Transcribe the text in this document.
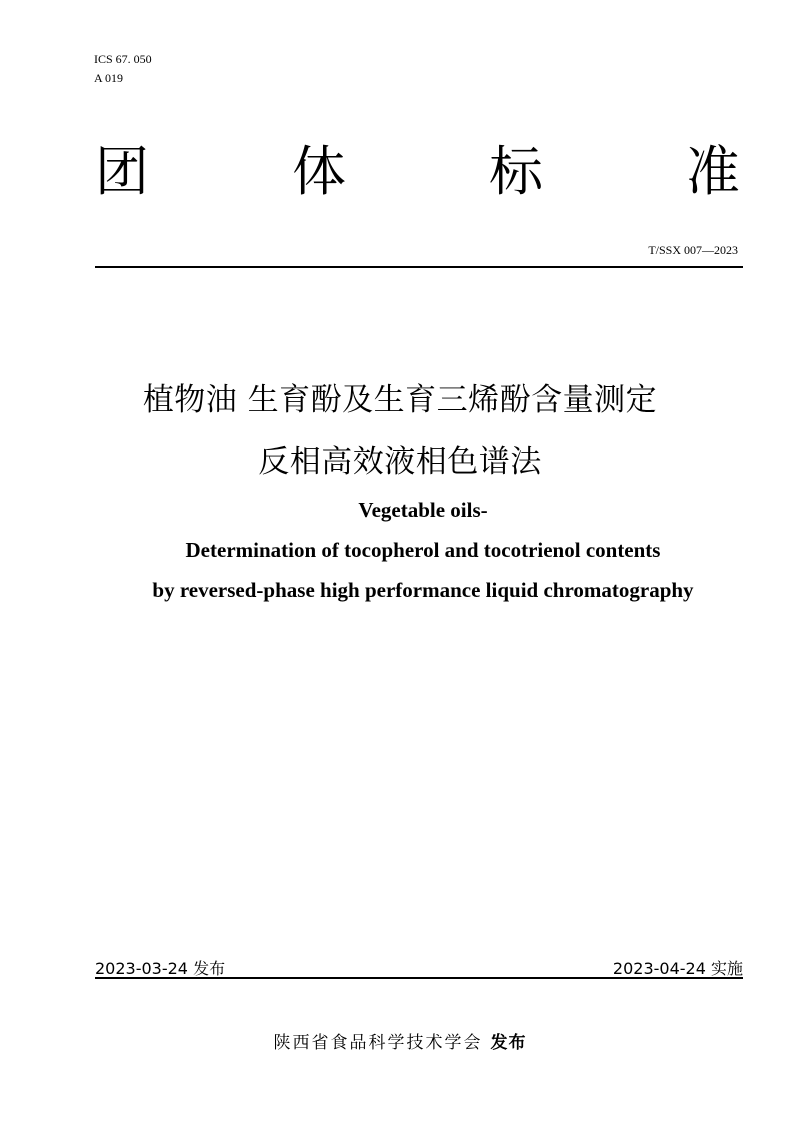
ICS 67. 050
A 019
团	体	标	准
T/SSX 007—2023
植物油 生育酚及生育三烯酚含量测定
反相高效液相色谱法
Vegetable oils-
Determination of tocopherol and tocotrienol contents
by reversed-phase high performance liquid chromatography
2023-03-24 发布	2023-04-24 实施
陕西省食品科学技术学会 发布
